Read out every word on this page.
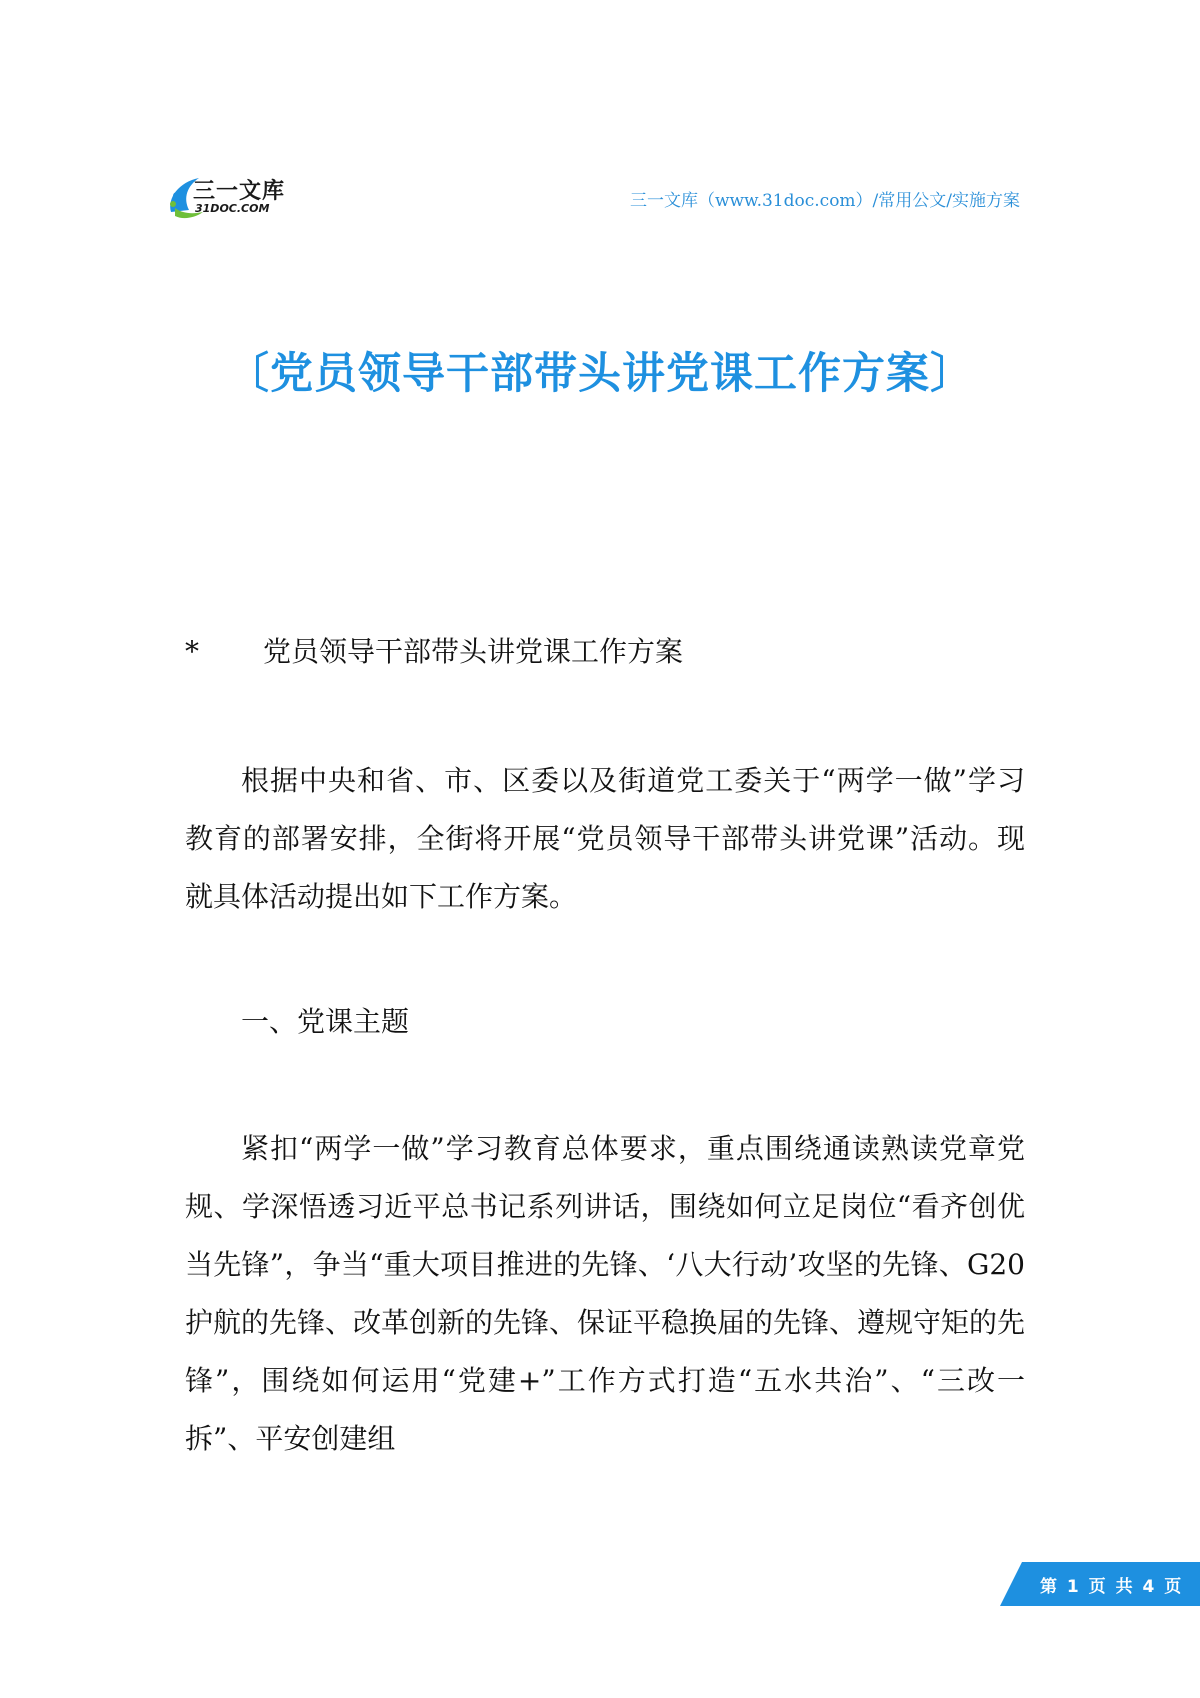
三一文库
31DOC.COM	三一文库（www.31doc.com）/常用公文/实施方案
〔党员领导干部带头讲党课工作方案〕
* 党员领导干部带头讲党课工作方案

根据中央和省、市、区委以及街道党工委关于“两学一做”学习教育的部署安排，全街将开展“党员领导干部带头讲党课”活动。现就具体活动提出如下工作方案。

一、党课主题

紧扣“两学一做”学习教育总体要求，重点围绕通读熟读党章党规、学深悟透习近平总书记系列讲话，围绕如何立足岗位“看齐创优当先锋”，争当“重大项目推进的先锋、‘八大行动’攻坚的先锋、G20护航的先锋、改革创新的先锋、保证平稳换届的先锋、遵规守矩的先锋”，围绕如何运用“党建+”工作方式打造“五水共治”、“三改一拆”、平安创建组

第 1 页 共 4 页
